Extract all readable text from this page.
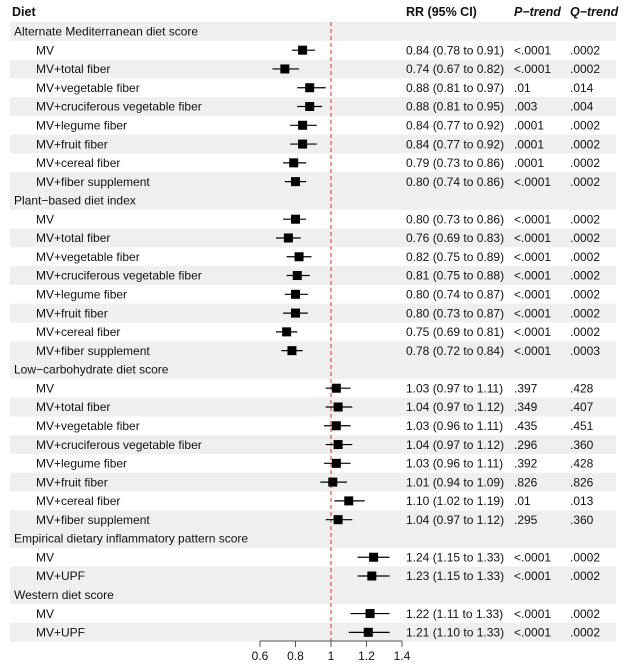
Alternate Mediterranean diet score
MV	0.84 (0.78 to 0.91) <.0001 .0002
MV+total fiber	0.74 (0.67 to 0.82) <.0001 .0002
MV+vegetable fiber	0.88 (0.81 to 0.97) .01	.014
MV+cruciferous vegetable fiber	0.88 (0.81 to 0.95) .003	.004
MV+legume fiber	0.84 (0.77 to 0.92) .0001 .0002
MV+fruit fiber	0.84 (0.77 to 0.92) .0001 .0002
MV+cereal fiber	0.79 (0.73 to 0.86) .0001 .0002
MV+fiber supplement	0.80 (0.74 to 0.86) <.0001 .0002
Plant−based diet index
MV	0.80 (0.73 to 0.86) <.0001 .0002
MV+total fiber	0.76 (0.69 to 0.83) <.0001 .0002
MV+vegetable fiber	0.82 (0.75 to 0.89) <.0001 .0002
MV+cruciferous vegetable fiber	0.81 (0.75 to 0.88) <.0001 .0002
MV+legume fiber	0.80 (0.74 to 0.87) <.0001 .0002
MV+fruit fiber	0.80 (0.73 to 0.87) <.0001 .0002
MV+cereal fiber	0.75 (0.69 to 0.81) <.0001 .0002
MV+fiber supplement	0.78 (0.72 to 0.84) <.0001 .0003
Low−carbohydrate diet score
MV	1.03 (0.97 to 1.11) .397	.428
MV+total fiber	1.04 (0.97 to 1.12) .349	.407
MV+vegetable fiber	1.03 (0.96 to 1.11) .435	.451
MV+cruciferous vegetable fiber	1.04 (0.97 to 1.12) .296	.360
MV+legume fiber	1.03 (0.96 to 1.11) .392	.428
MV+fruit fiber	1.01 (0.94 to 1.09) .826	.826
MV+cereal fiber	1.10 (1.02 to 1.19) .01	.013
MV+fiber supplement	1.04 (0.97 to 1.12) .295	.360
Empirical dietary inflammatory pattern score
MV	1.24 (1.15 to 1.33) <.0001 .0002
MV+UPF	1.23 (1.15 to 1.33) <.0001 .0002
Western diet score
MV	1.22 (1.11 to 1.33) <.0001 .0002
MV+UPF	1.21 (1.10 to 1.33) <.0001 .0002
0.6 0.8 1 1.2 1.4
Diet	RR (95% CI)	P−trend Q−trend
